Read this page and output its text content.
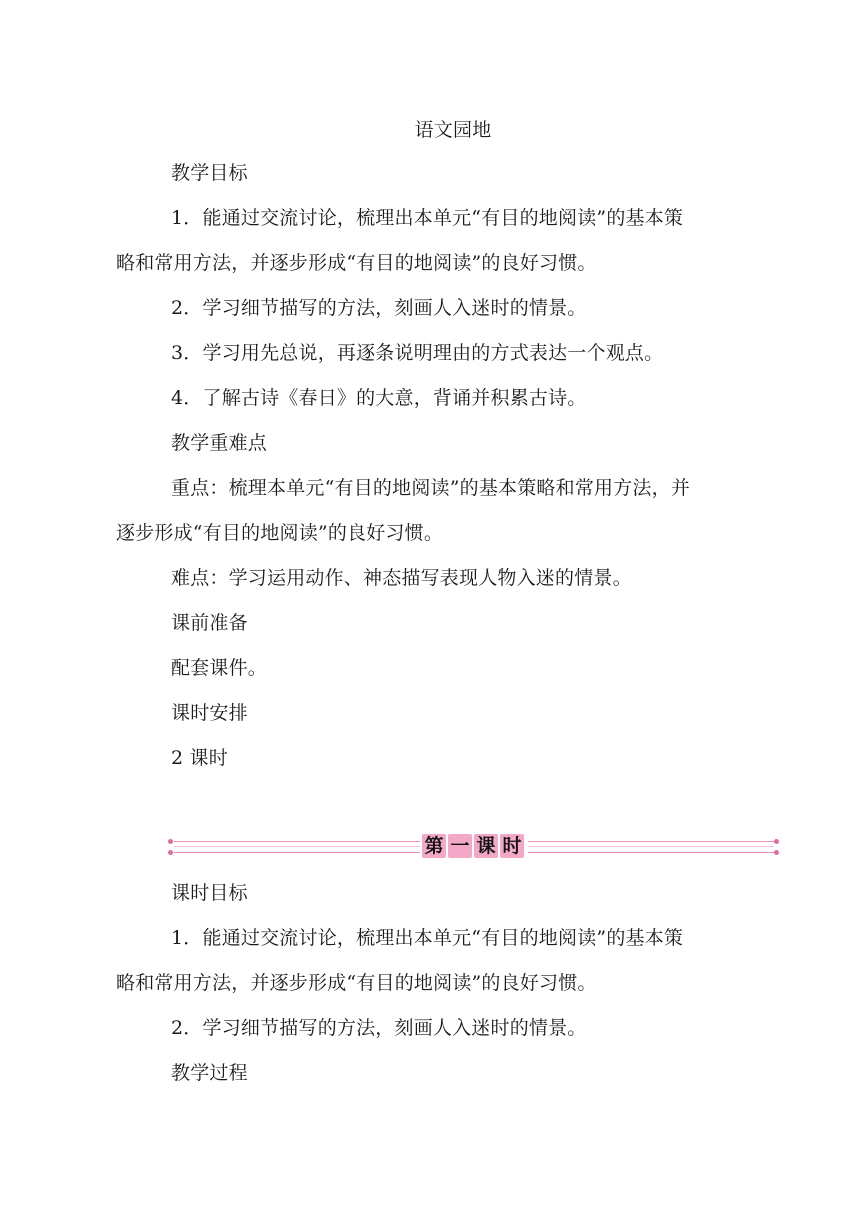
语文园地
教学目标
1．能通过交流讨论，梳理出本单元“有目的地阅读”的基本策
略和常用方法，并逐步形成“有目的地阅读”的良好习惯。
2．学习细节描写的方法，刻画人入迷时的情景。
3．学习用先总说，再逐条说明理由的方式表达一个观点。
4．了解古诗《春日》的大意，背诵并积累古诗。
教学重难点
重点：梳理本单元“有目的地阅读”的基本策略和常用方法，并
逐步形成“有目的地阅读”的良好习惯。
难点：学习运用动作、神态描写表现人物入迷的情景。
课前准备
配套课件。
课时安排
2 课时
第 一 课 时
课时目标
1．能通过交流讨论，梳理出本单元“有目的地阅读”的基本策
略和常用方法，并逐步形成“有目的地阅读”的良好习惯。
2．学习细节描写的方法，刻画人入迷时的情景。
教学过程
